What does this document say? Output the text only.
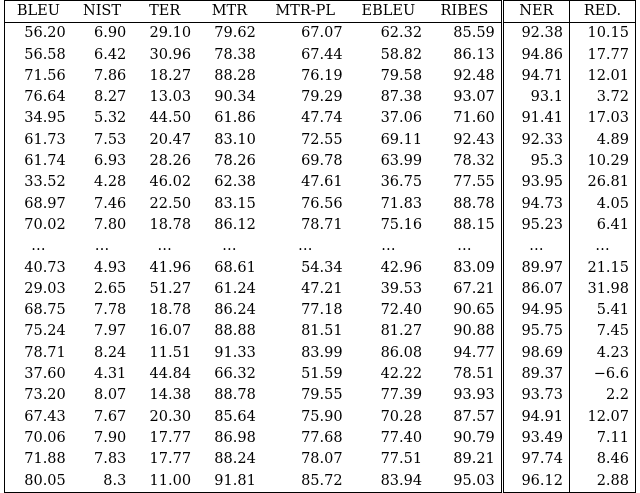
BLEU	NIST	TER	MTR	MTR-PL	EBLEU	RIBES	NER	RED.
56.20	6.90	29.10	79.62	67.07	62.32	85.59	92.38	10.15
56.58	6.42	30.96	78.38	67.44	58.82	86.13	94.86	17.77
71.56	7.86	18.27	88.28	76.19	79.58	92.48	94.71	12.01
76.64	8.27	13.03	90.34	79.29	87.38	93.07	93.1	3.72
34.95	5.32	44.50	61.86	47.74	37.06	71.60	91.41	17.03
61.73	7.53	20.47	83.10	72.55	69.11	92.43	92.33	4.89
61.74	6.93	28.26	78.26	69.78	63.99	78.32	95.3	10.29
33.52	4.28	46.02	62.38	47.61	36.75	77.55	93.95	26.81
68.97	7.46	22.50	83.15	76.56	71.83	88.78	94.73	4.05
70.02	7.80	18.78	86.12	78.71	75.16	88.15	95.23	6.41
…	…	…	…	…	…	…	…	…
40.73	4.93	41.96	68.61	54.34	42.96	83.09	89.97	21.15
29.03	2.65	51.27	61.24	47.21	39.53	67.21	86.07	31.98
68.75	7.78	18.78	86.24	77.18	72.40	90.65	94.95	5.41
75.24	7.97	16.07	88.88	81.51	81.27	90.88	95.75	7.45
78.71	8.24	11.51	91.33	83.99	86.08	94.77	98.69	4.23
37.60	4.31	44.84	66.32	51.59	42.22	78.51	89.37	−6.6
73.20	8.07	14.38	88.78	79.55	77.39	93.93	93.73	2.2
67.43	7.67	20.30	85.64	75.90	70.28	87.57	94.91	12.07
70.06	7.90	17.77	86.98	77.68	77.40	90.79	93.49	7.11
71.88	7.83	17.77	88.24	78.07	77.51	89.21	97.74	8.46
80.05	8.3	11.00	91.81	85.72	83.94	95.03	96.12	2.88
